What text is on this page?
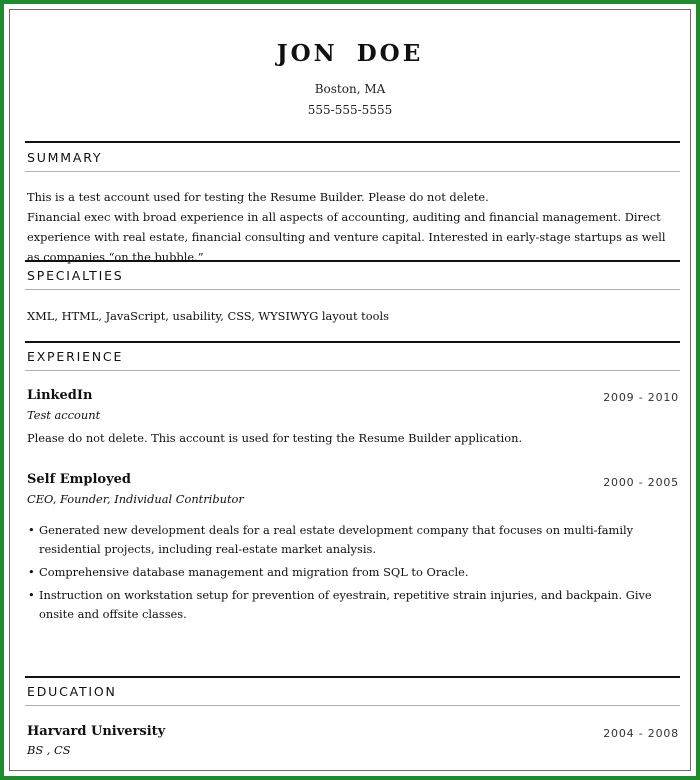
JON DOE
Boston, MA
555-555-5555
SUMMARY
This is a test account used for testing the Resume Builder. Please do not delete.
Financial exec with broad experience in all aspects of accounting, auditing and financial management. Direct experience with real estate, financial consulting and venture capital. Interested in early-stage startups as well as companies “on the bubble.”
SPECIALTIES
XML, HTML, JavaScript, usability, CSS, WYSIWYG layout tools
EXPERIENCE
LinkedIn	2009 - 2010
Test account
Please do not delete. This account is used for testing the Resume Builder application.
Self Employed	2000 - 2005
CEO, Founder, Individual Contributor
• Generated new development deals for a real estate development company that focuses on multi-family residential projects, including real-estate market analysis.
• Comprehensive database management and migration from SQL to Oracle.
• Instruction on workstation setup for prevention of eyestrain, repetitive strain injuries, and backpain. Give onsite and offsite classes.
EDUCATION
Harvard University	2004 - 2008
BS , CS
